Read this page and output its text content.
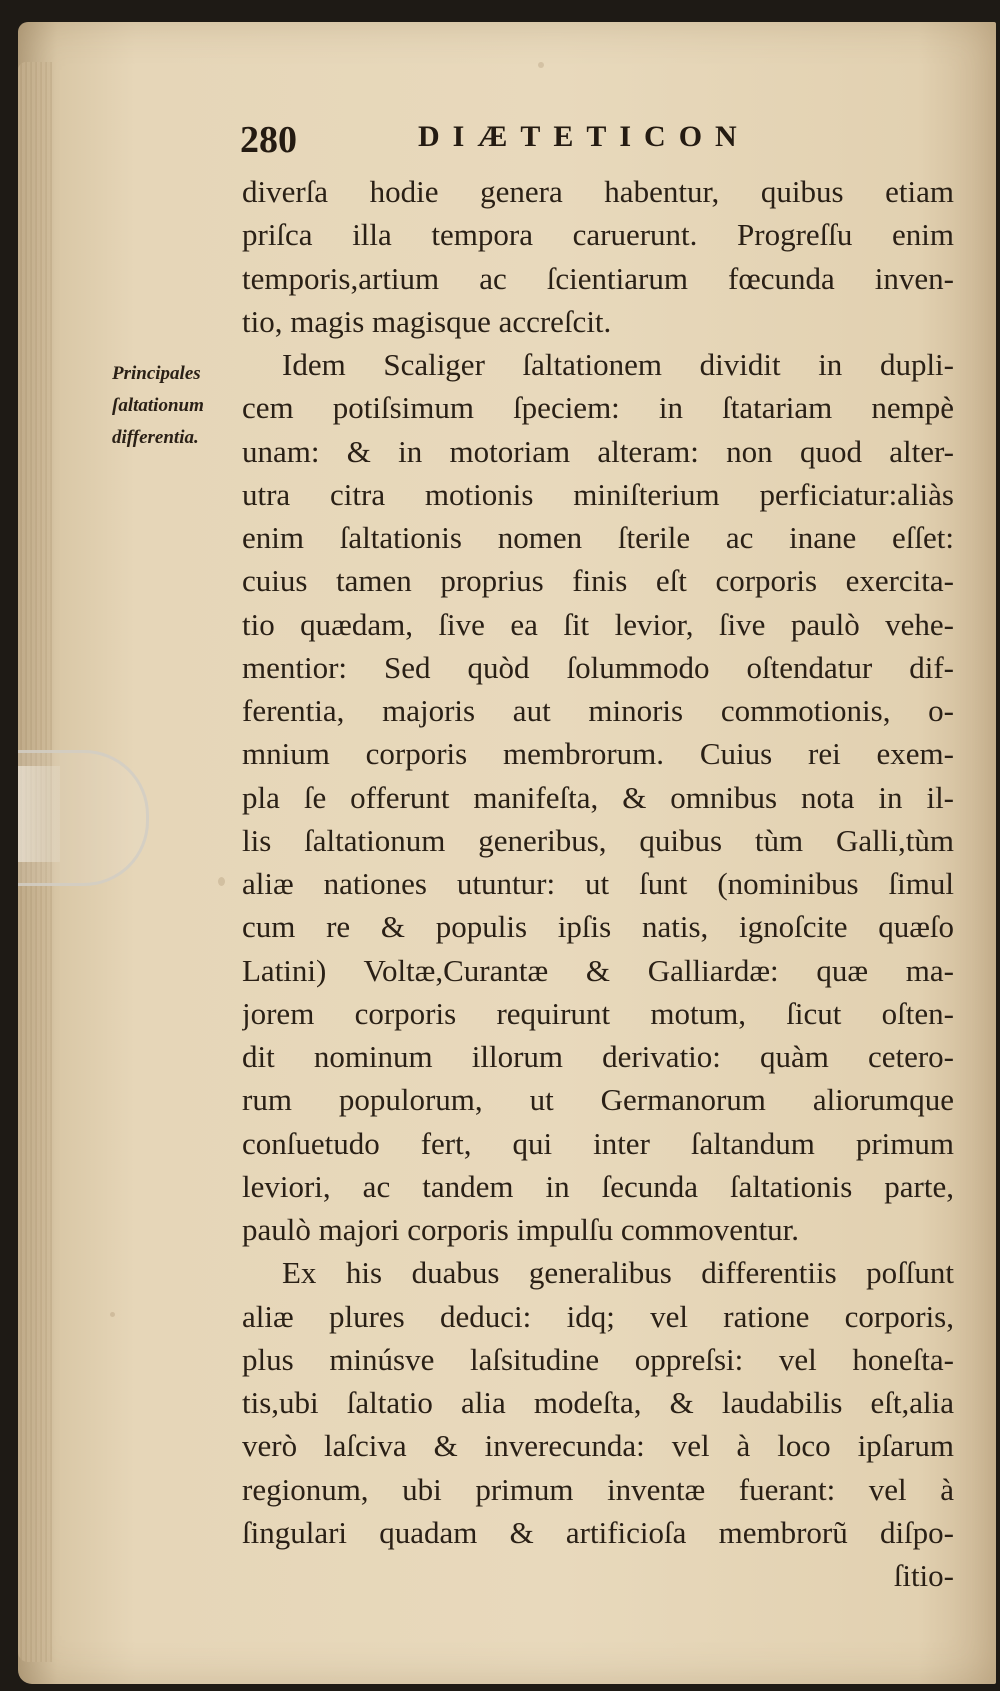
280	DIÆTETICON
Principales
ſaltationum
differentia.
diverſa hodie genera habentur, quibus etiam
priſca illa tempora caruerunt. Progreſſu enim
temporis,artium ac ſcientiarum fœcunda inven-
tio, magis magisque accreſcit.
Idem Scaliger ſaltationem dividit in dupli-
cem potiſsimum ſpeciem: in ſtatariam nempè
unam: & in motoriam alteram: non quod alter-
utra citra motionis miniſterium perficiatur:aliàs
enim ſaltationis nomen ſterile ac inane eſſet:
cuius tamen proprius finis eſt corporis exercita-
tio quædam, ſive ea ſit levior, ſive paulò vehe-
mentior: Sed quòd ſolummodo oſtendatur dif-
ferentia, majoris aut minoris commotionis, o-
mnium corporis membrorum. Cuius rei exem-
pla ſe offerunt manifeſta, & omnibus nota in il-
lis ſaltationum generibus, quibus tùm Galli,tùm
aliæ nationes utuntur: ut ſunt (nominibus ſimul
cum re & populis ipſis natis, ignoſcite quæſo
Latini) Voltæ,Curantæ & Galliardæ: quæ ma-
jorem corporis requirunt motum, ſicut oſten-
dit nominum illorum derivatio: quàm cetero-
rum populorum, ut Germanorum aliorumque
conſuetudo fert, qui inter ſaltandum primum
leviori, ac tandem in ſecunda ſaltationis parte,
paulò majori corporis impulſu commoventur.
Ex his duabus generalibus differentiis poſſunt
aliæ plures deduci: idq; vel ratione corporis,
plus minúsve laſsitudine oppreſsi: vel honeſta-
tis,ubi ſaltatio alia modeſta, & laudabilis eſt,alia
verò laſciva & inverecunda: vel à loco ipſarum
regionum, ubi primum inventæ fuerant: vel à
ſingulari quadam & artificioſa membrorũ diſpo-
ſitio-
